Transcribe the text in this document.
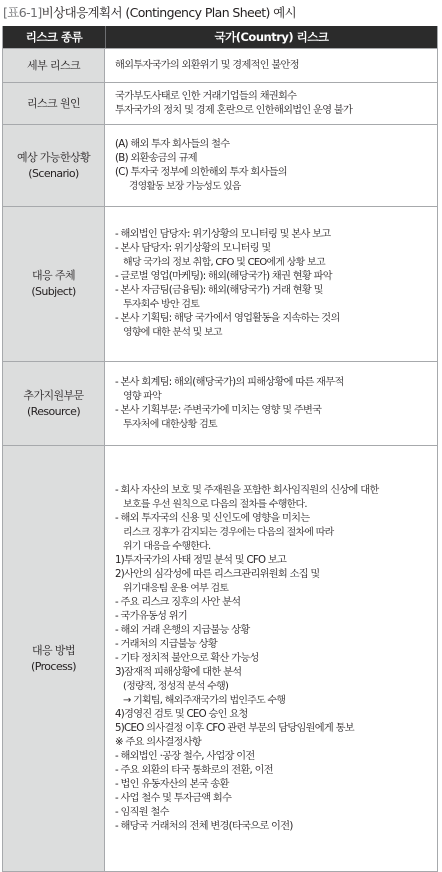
[표6-1]비상대응계획서 (Contingency Plan Sheet) 예시
리스크 종류	국가(Country) 리스크
세부 리스크	해외투자국가의 외환위기 및 경제적인 불안정
리스크 원인
국가부도사태로 인한 거래기업들의 채권회수
투자국가의 정치 및 경제 혼란으로 인한해외법인 운영 불가
예상 가능한상황
(Scenario)
(A) 해외 투자 회사들의 철수
(B) 외환송금의 규제
(C) 투자국 정부에 의한해외 투자 회사들의
경영활동 보장 가능성도 있음
대응 주체
(Subject)
- 해외법인 담당자: 위기상황의 모니터링 및 본사 보고
- 본사 담당자: 위기상황의 모니터링 및
해당 국가의 정보 취합, CFO 및 CEO에게 상황 보고
- 글로벌 영업(마케팅): 해외(해당국가) 채권 현황 파악
- 본사 자금팀(금융팀): 해외(해당국가) 거래 현황 및
투자회수 방안 검토
- 본사 기획팀: 해당 국가에서 영업활동을 지속하는 것의
영향에 대한 분석 및 보고
추가지원부문
(Resource)
- 본사 회계팀: 해외(해당국가)의 피해상황에 따른 재무적
영향 파악
- 본사 기획부문: 주변국가에 미치는 영향 및 주변국
투자처에 대한상황 검토
대응 방법
(Process)
- 회사 자산의 보호 및 주재원을 포함한 회사임직원의 신상에 대한
보호를 우선 원칙으로 다음의 절차를 수행한다.
- 해외 투자국의 신용 및 신인도에 영향을 미치는
리스크 징후가 감지되는 경우에는 다음의 절차에 따라
위기 대응을 수행한다.
1)투자국가의 사태 정밀 분석 및 CFO 보고
2)사안의 심각성에 따른 리스크관리위원회 소집 및
위기대응팀 운용 여부 검토
- 주요 리스크 징후의 사안 분석
- 국가유동성 위기
- 해외 거래 은행의 지급불능 상황
- 거래처의 지급불능 상황
- 기타 정치적 불안으로 확산 가능성
3)잠재적 피해상황에 대한 분석
(정량적, 정성적 분석 수행)
→ 기획팀, 해외주재국가의 법인주도 수행
4)경영진 검토 및 CEO 승인 요청
5)CEO 의사결정 이후 CFO 관련 부문의 담당임원에게 통보
※ 주요 의사결정사항
- 해외법인 ·공장 철수, 사업장 이전
- 주요 외환의 타국 통화로의 전환, 이전
- 법인 유동자산의 본국 송환
- 사업 철수 및 투자금액 회수
- 임직원 철수
- 해당국 거래처의 전체 변경(타국으로 이전)
